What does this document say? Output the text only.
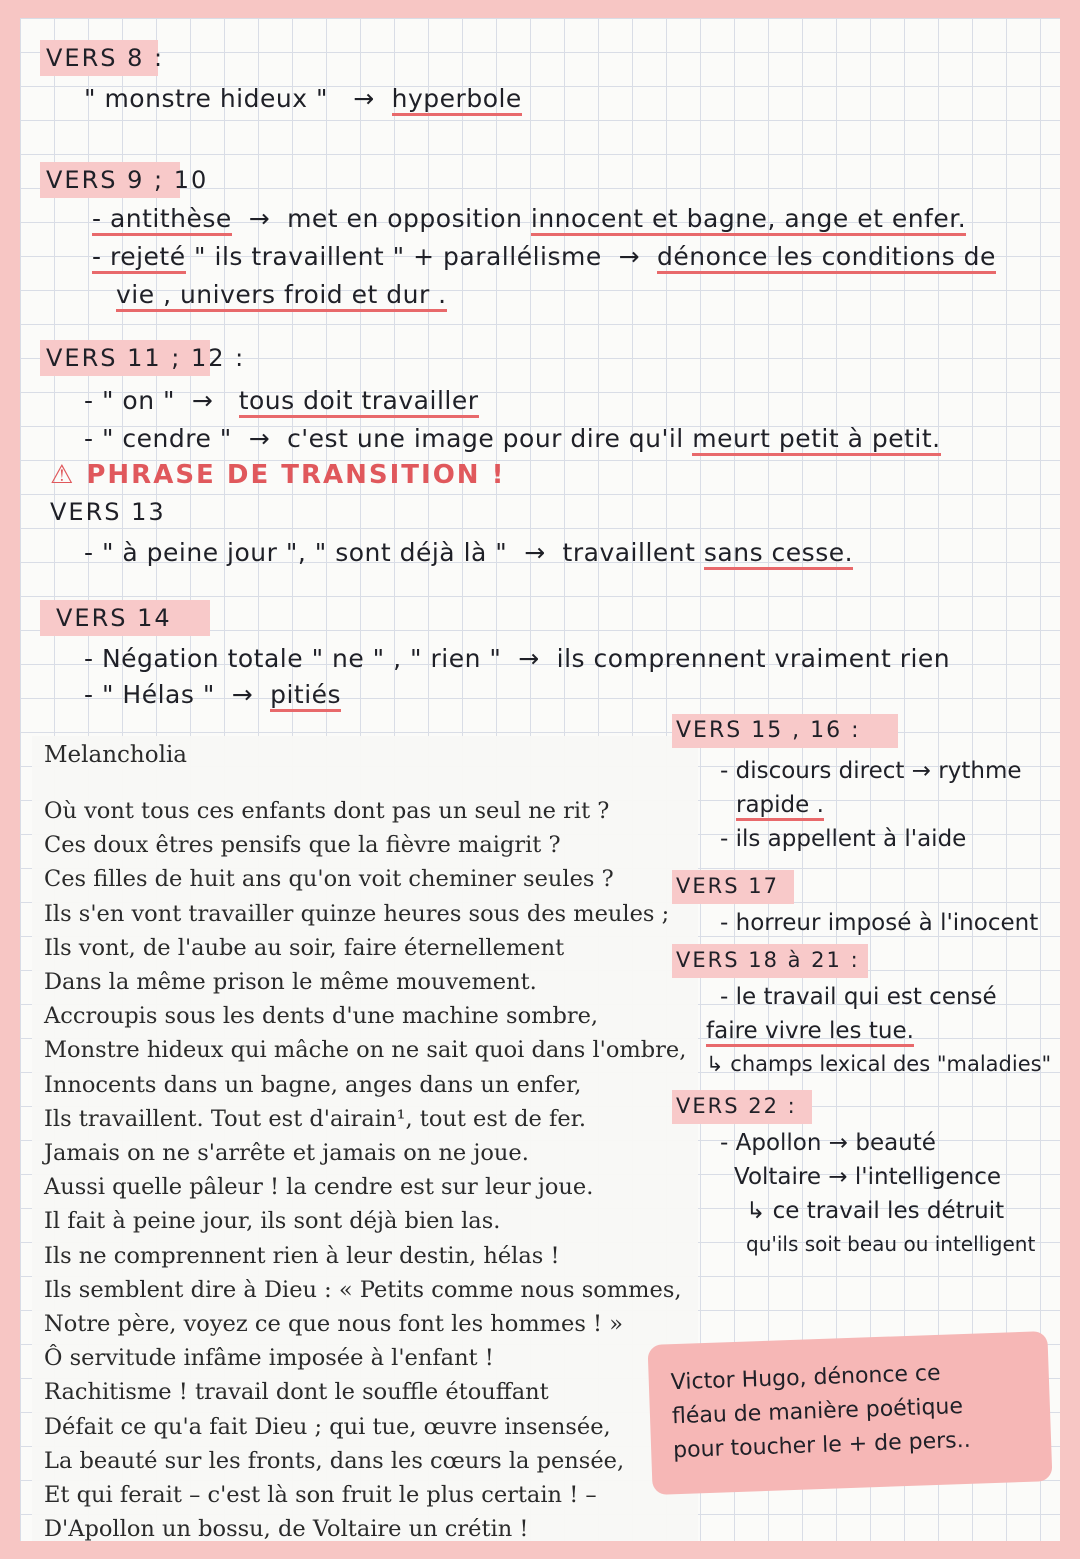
VERS 8 :
" monstre hideux "   →  hyperbole
VERS 9 ; 10
- antithèse  →  met en opposition innocent et bagne, ange et enfer.
- rejeté " ils travaillent " + parallélisme  →  dénonce les conditions de
vie , univers froid et dur .
VERS 11 ; 12 :
- " on "  →   tous doit travailler
- " cendre "  →  c'est une image pour dire qu'il meurt petit à petit.
⚠ PHRASE DE TRANSITION !
VERS 13
- " à peine jour ", " sont déjà là "  →  travaillent sans cesse.
VERS 14
- Négation totale " ne " , " rien "  →  ils comprennent vraiment rien
- " Hélas "  →  pitiés
Melancholia
Où vont tous ces enfants dont pas un seul ne rit ?
Ces doux êtres pensifs que la fièvre maigrit ?
Ces filles de huit ans qu'on voit cheminer seules ?
Ils s'en vont travailler quinze heures sous des meules ;
Ils vont, de l'aube au soir, faire éternellement
Dans la même prison le même mouvement.
Accroupis sous les dents d'une machine sombre,
Monstre hideux qui mâche on ne sait quoi dans l'ombre,
Innocents dans un bagne, anges dans un enfer,
Ils travaillent. Tout est d'airain¹, tout est de fer.
Jamais on ne s'arrête et jamais on ne joue.
Aussi quelle pâleur ! la cendre est sur leur joue.
Il fait à peine jour, ils sont déjà bien las.
Ils ne comprennent rien à leur destin, hélas !
Ils semblent dire à Dieu : « Petits comme nous sommes,
Notre père, voyez ce que nous font les hommes ! »
Ô servitude infâme imposée à l'enfant !
Rachitisme ! travail dont le souffle étouffant
Défait ce qu'a fait Dieu ; qui tue, œuvre insensée,
La beauté sur les fronts, dans les cœurs la pensée,
Et qui ferait – c'est là son fruit le plus certain ! –
D'Apollon un bossu, de Voltaire un crétin !
VERS 15 , 16 :
- discours direct → rythme
rapide .
- ils appellent à l'aide
VERS 17
- horreur imposé à l'inocent
VERS 18 à 21 :
- le travail qui est censé
faire vivre les tue.
↳ champs lexical des "maladies"
VERS 22 :
- Apollon → beauté
Voltaire → l'intelligence
↳ ce travail les détruit
qu'ils soit beau ou intelligent
Victor Hugo, dénonce ce
fléau de manière poétique
pour toucher le + de pers..
